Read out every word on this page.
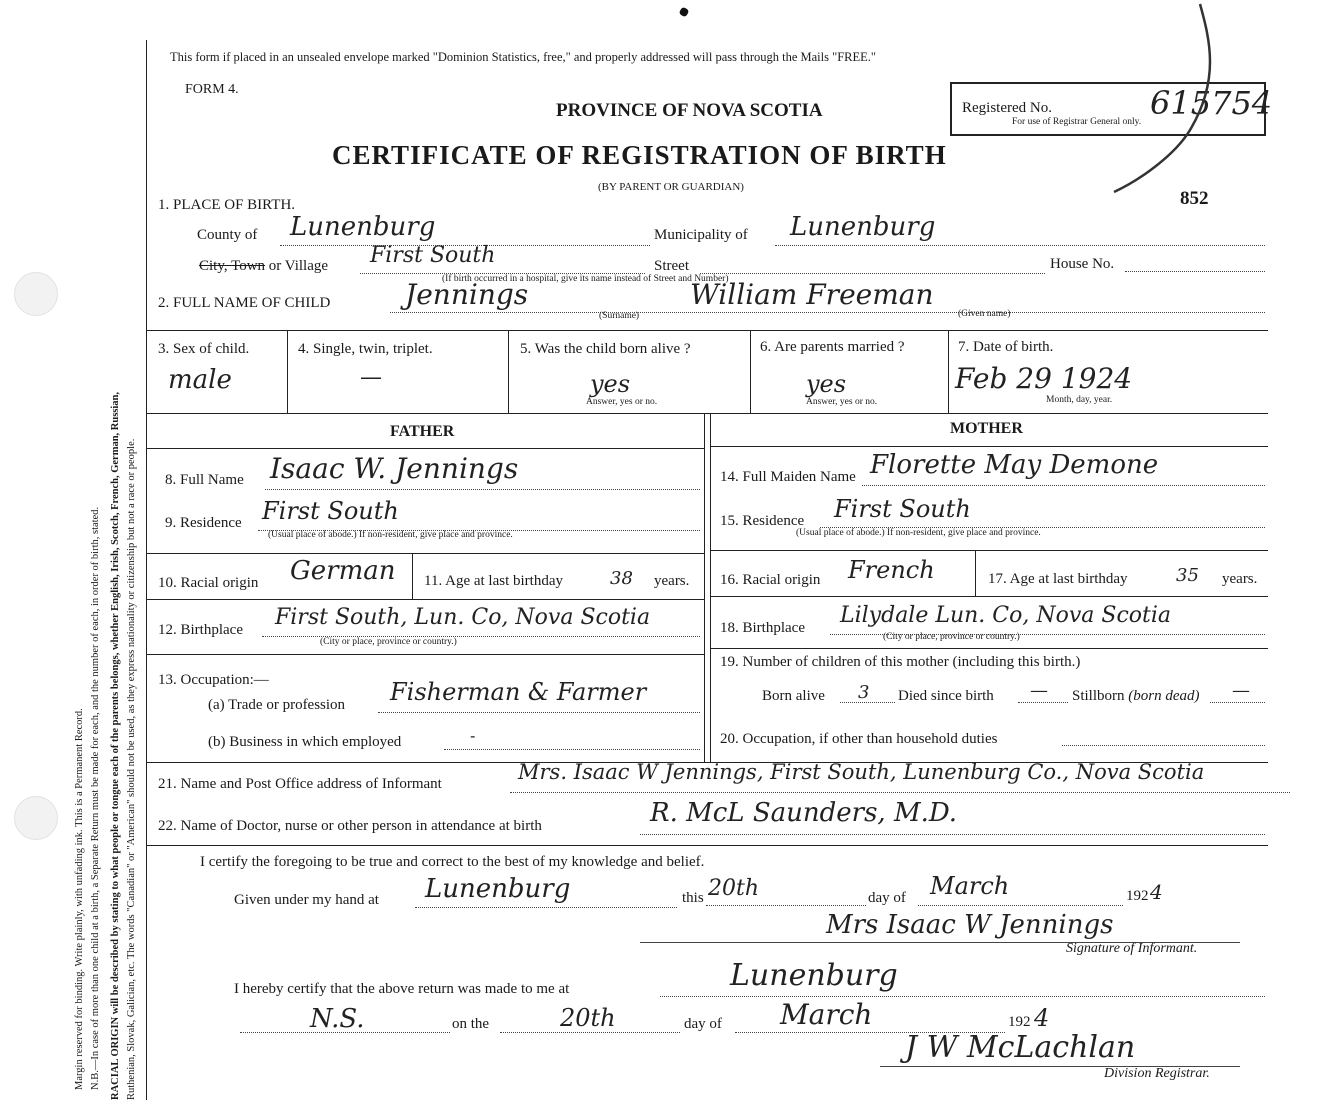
Margin reserved for binding. Write plainly, with unfading ink. This is a Permanent Record. N.B.—In case of more than one child at a birth, a Separate Return must be made for each, and the number of each, in order of birth, stated. RACIAL ORIGIN will be described by stating to what people or tongue each of the parents belongs, whether English, Irish, Scotch, French, German, Russian, Ruthenian, Slovak, Galician, etc. The words "Canadian" or "American" should not be used, as they express nationality or citizenship but not a race or people.
This form if placed in an unsealed envelope marked "Dominion Statistics, free," and properly addressed will pass through the Mails "FREE."
FORM 4.
PROVINCE OF NOVA SCOTIA
CERTIFICATE OF REGISTRATION OF BIRTH
(BY PARENT OR GUARDIAN)
Registered No.	615754
For use of Registrar General only.
852
1. PLACE OF BIRTH.
County of Lunenburg	Municipality of Lunenburg
City, Town or Village First South	Street	House No.
(If birth occurred in a hospital, give its name instead of Street and Number)
2. FULL NAME OF CHILD	Jennings	William Freeman
(Surname)	(Given name)
3. Sex of child.
male
4. Single, twin, triplet.
—
5. Was the child born alive ?
yes
Answer, yes or no.
6. Are parents married ?
yes
Answer, yes or no.
7. Date of birth.
Feb 29 1924
Month, day, year.
FATHER	MOTHER
8. Full Name Isaac W. Jennings
9. Residence First South
(Usual place of abode.) If non-resident, give place and province.
10. Racial origin German 11. Age at last birthday	38 years.
12. Birthplace First South, Lun. Co, Nova Scotia
(City or place, province or country.)
13. Occupation:—
(a) Trade or profession Fisherman & Farmer
(b) Business in which employed	-
14. Full Maiden Name Florette May Demone
15. Residence First South
(Usual place of abode.) If non-resident, give place and province.
16. Racial origin French	17. Age at last birthday	35 years.
18. Birthplace Lilydale Lun. Co, Nova Scotia
(City or place, province or country.)
19. Number of children of this mother (including this birth.)
Born alive 3 Died since birth — Stillborn (born dead) —
20. Occupation, if other than household duties
21. Name and Post Office address of Informant	Mrs. Isaac W Jennings, First South, Lunenburg Co., Nova Scotia
22. Name of Doctor, nurse or other person in attendance at birth	R. McL Saunders, M.D.
I certify the foregoing to be true and correct to the best of my knowledge and belief.
Given under my hand at Lunenburg	this 20th	day of March	192 4
Mrs Isaac W Jennings
Signature of Informant.
I hereby certify that the above return was made to me at	Lunenburg
N.S.	on the	20th	day of March	192 4
J W McLachlan
Division Registrar.
